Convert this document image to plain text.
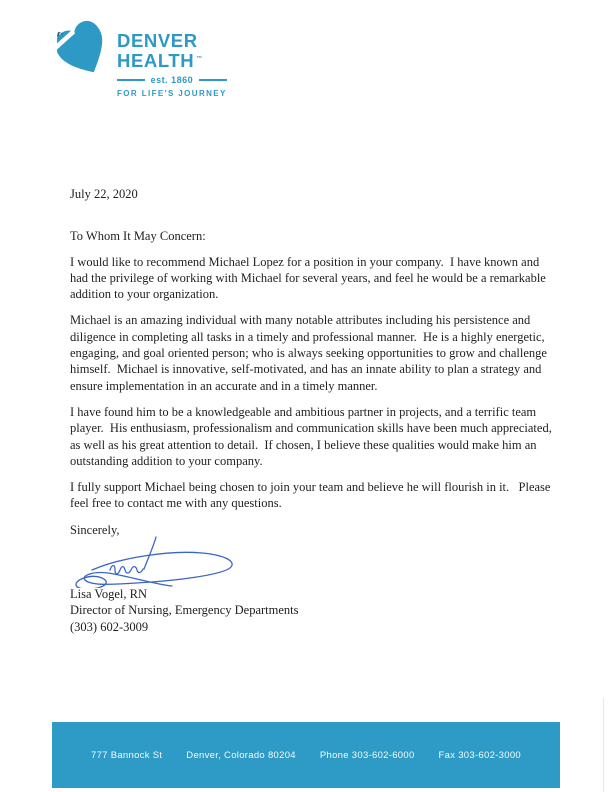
DENVER
HEALTH ™
est. 1860
FOR LIFE'S JOURNEY
July 22, 2020
To Whom It May Concern:

I would like to recommend Michael Lopez for a position in your company.  I have known and had the privilege of working with Michael for several years, and feel he would be a remarkable addition to your organization.

Michael is an amazing individual with many notable attributes including his persistence and diligence in completing all tasks in a timely and professional manner.  He is a highly energetic, engaging, and goal oriented person; who is always seeking opportunities to grow and challenge himself.  Michael is innovative, self-motivated, and has an innate ability to plan a strategy and ensure implementation in an accurate and in a timely manner.

I have found him to be a knowledgeable and ambitious partner in projects, and a terrific team player.  His enthusiasm, professionalism and communication skills have been much appreciated, as well as his great attention to detail.  If chosen, I believe these qualities would make him an outstanding addition to your company.

I fully support Michael being chosen to join your team and believe he will flourish in it.   Please feel free to contact me with any questions.

Sincerely,
Lisa Vogel, RN
Director of Nursing, Emergency Departments
(303) 602-3009
777 Bannock St	Denver, Colorado 80204	Phone 303-602-6000	Fax 303-602-3000
